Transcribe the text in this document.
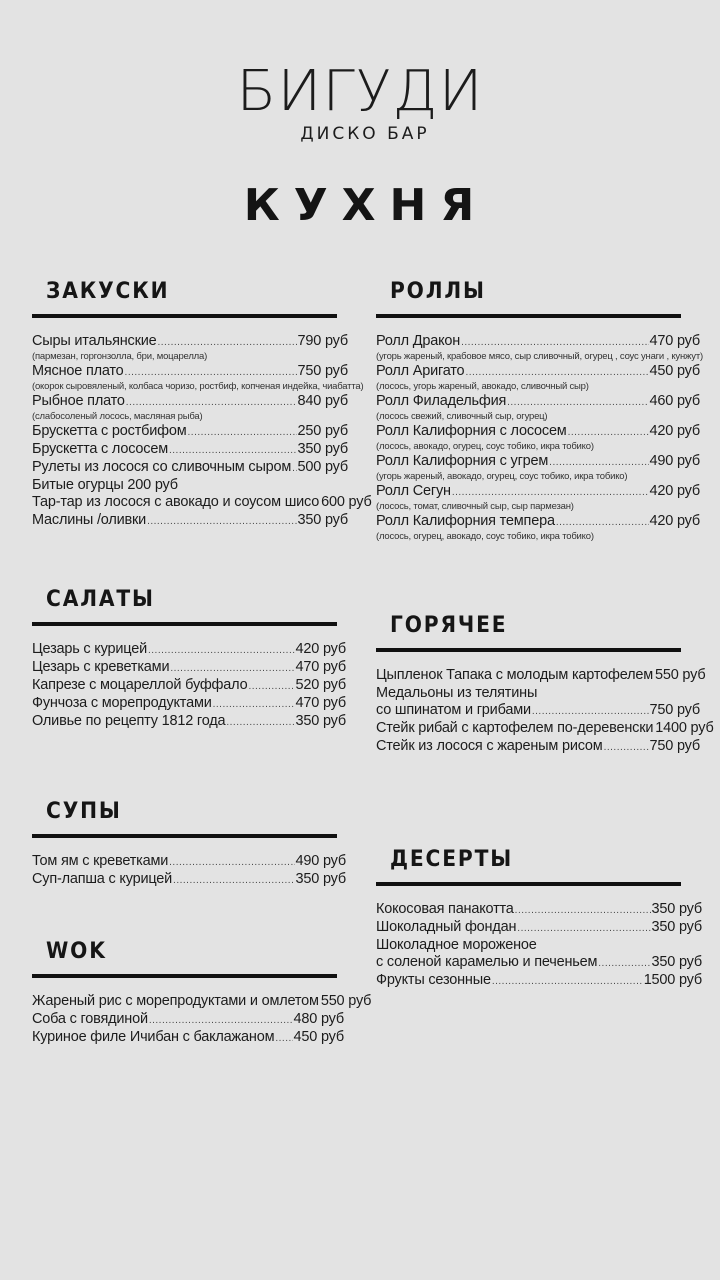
БИГУДИ
ДИСКО БАР
КУХНЯ
ЗАКУСКИ
Сыры итальянские .....	790 руб
(пармезан, горгонзолла, бри, моцарелла)
Мясное плато .....	750 руб
(окорок сыровяленый, колбаса чоризо, ростбиф, копченая индейка, чиабатта)
Рыбное плато .....	840 руб
(слабосоленый лосось, масляная рыба)
Брускетта с ростбифом .....	250 руб
Брускетта с лососем .....	350 руб
Рулеты из лосося со сливочным сыром ..... 500 руб
Битые огурцы 200 руб
Тар-тар из лосося с авокадо и соусом шисо 600 руб
Маслины /оливки .....	350 руб
РОЛЛЫ
Ролл Дракон .....	470 руб
(угорь жареный, крабовое мясо, сыр сливочный, огурец , соус унаги , кунжут)
Ролл Аригато .....	450 руб
(лосось, угорь жареный, авокадо, сливочный сыр)
Ролл Филадельфия .....	460 руб
(лосось свежий, сливочный сыр, огурец)
Ролл Калифорния с лососем .....	420 руб
(лосось, авокадо, огурец, соус тобико, икра тобико)
Ролл Калифорния с угрем .....	490 руб
(угорь жареный, авокадо, огурец, соус тобико, икра тобико)
Ролл Сегун .....	420 руб
(лосось, томат, сливочный сыр, сыр пармезан)
Ролл Калифорния темпера .....	420 руб
(лосось, огурец, авокадо, соус тобико, икра тобико)
САЛАТЫ
Цезарь с курицей .....	420 руб
Цезарь с креветками .....	470 руб
Капрезе с моцареллой буффало .....	520 руб
Фунчоза с морепродуктами .....	470 руб
Оливье по рецепту 1812 года .....	350 руб
ГОРЯЧЕЕ
Цыпленок Тапака с молодым картофелем 550 руб
Медальоны из телятины
со шпинатом и грибами .....	750 руб
Стейк рибай с картофелем по-деревенски 1400 руб
Стейк из лосося с жареным рисом .....	750 руб
СУПЫ
Том ям с креветками .....	490 руб
Суп-лапша с курицей .....	350 руб
ДЕСЕРТЫ
Кокосовая панакотта .....	350 руб
Шоколадный фондан .....	350 руб
Шоколадное мороженое
с соленой карамелью и печеньем .....	350 руб
Фрукты сезонные .....	1500 руб
WOK
Жареный рис с морепродуктами и омлетом 550 руб
Соба с говядиной .....	480 руб
Куриное филе Ичибан с баклажаном ..... 450 руб
